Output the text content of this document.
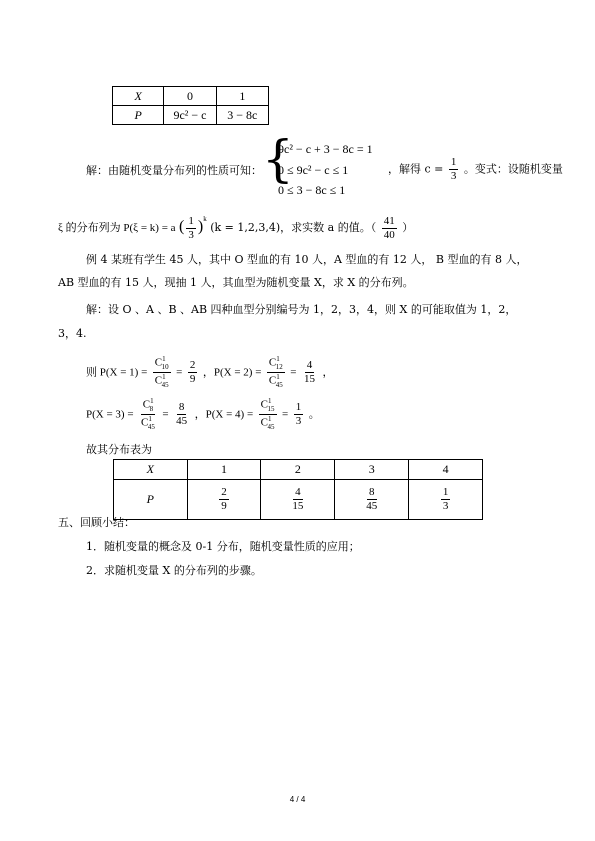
X	0	1
P	9c² − c	3 − 8c
解：由随机变量分布列的性质可知： {
9c² − c + 3 − 8c = 1
0 ≤ 9c² − c ≤ 1
0 ≤ 3 − 8c ≤ 1
，解得 $c = \frac{1}{3}$ 。变式：设随机变量
ξ 的分布列为 P(ξ = k) = a ( $\frac{1}{3} )^k$ (k = 1,2,3,4)，求实数 a 的值。（ $\frac{41}{40}$ ）
例 4 某班有学生 45 人，其中 O 型血的有 10 人，A 型血的有 12 人， B 型血的有 8 人，
AB 型血的有 15 人，现抽 1 人，其血型为随机变量 X，求 X 的分布列。
解：设 O 、A 、B 、AB 四种血型分别编号为 1，2，3，4，则 X 的可能取值为 1，2，
3，4.
则 $P(X = 1) = \frac{C^1_{10}}{C^1_{45}} = \frac{2}{9}$ ，$P(X = 2) = \frac{C^1_{12}}{C^1_{45}} = \frac{4}{15}$ ，
$P(X = 3) = \frac{C^1_8}{C^1_{45}} = \frac{8}{45}$ ，$P(X = 4) = \frac{C^1_{15}}{C^1_{45}} = \frac{1}{3}$ 。
故其分布表为
X	1	2	3	4
P	$\frac{2}{9}$	$\frac{4}{15}$	$\frac{8}{45}$	$\frac{1}{3}$
五、回顾小结：
1．随机变量的概念及 0-1 分布，随机变量性质的应用；
2．求随机变量 X 的分布列的步骤。
4 / 4
